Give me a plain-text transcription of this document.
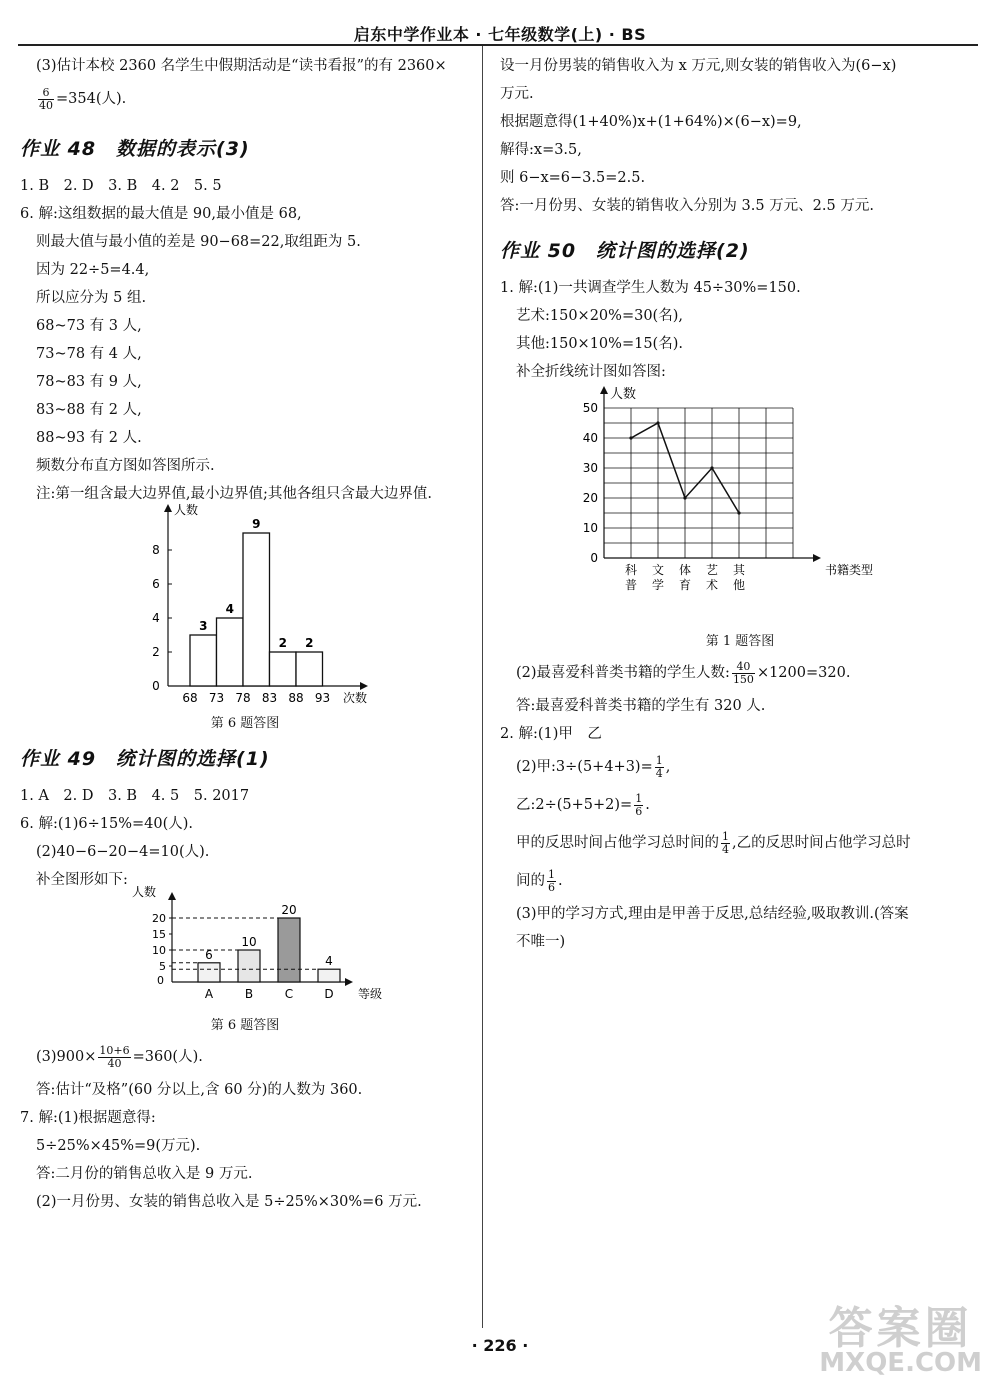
启东中学作业本 · 七年级数学(上) · BS
(3)估计本校 2360 名学生中假期活动是“读书看报”的有 2360×
$\frac{6}{40} =354$(人).
作业 48　数据的表示(3)
1. B　2. D　3. B　4. 2　5. 5
6. 解:这组数据的最大值是 90,最小值是 68,
则最大值与最小值的差是 90−68=22,取组距为 5.
因为 22÷5=4.4,
所以应分为 5 组.
68~73 有 3 人,
73~78 有 4 人,
78~83 有 9 人,
83~88 有 2 人,
88~93 有 2 人.
频数分布直方图如答图所示.
注:第一组含最大边界值,最小边界值;其他各组只含最大边界值.
人数
0
2
4
6
8
68 73 78 83 88 93 次数
3
4
9
2 2
第 6 题答图
作业 49　统计图的选择(1)
1. A　2. D　3. B　4. 5　5. 2017
6. 解:(1)6÷15%=40(人).
(2)40−6−20−4=10(人).
补全图形如下:
人数
0
5
10
15
20
6
A
10
B
20
C
4
D 等级
第 6 题答图
$(3)900\times \frac{10+6}{40} =360$(人).
答:估计“及格”(60 分以上,含 60 分)的人数为 360.
7. 解:(1)根据题意得:
5÷25%×45%=9(万元).
答:二月份的销售总收入是 9 万元.
(2)一月份男、女装的销售总收入是 5÷25%×30%=6 万元.
设一月份男装的销售收入为 x 万元,则女装的销售收入为(6−x)
万元.
根据题意得(1+40%)x+(1+64%)×(6−x)=9,
解得:x=3.5,
则 6−x=6−3.5=2.5.
答:一月份男、女装的销售收入分别为 3.5 万元、2.5 万元.
作业 50　统计图的选择(2)
1. 解:(1)一共调查学生人数为 45÷30%=150.
艺术:150×20%=30(名),
其他:150×10%=15(名).
补全折线统计图如答图:
人数
0
10
20
30
40
50
科
普
文
学
体
育
艺
术
其
他
书籍类型
第 1 题答图
(2)最喜爱科普类书籍的学生人数: $\frac{40}{150} \times 1200=320$.
答:最喜爱科普类书籍的学生有 320 人.
2. 解:(1)甲　乙
(2)甲:3÷(5+4+3)= $\frac{1}{4}$ ,
乙:2÷(5+5+2)= $\frac{1}{6}$ .
甲的反思时间占他学习总时间的 $\frac{1}{4}$ ,乙的反思时间占他学习总时
间的 $\frac{1}{6}$ .
(3)甲的学习方式,理由是甲善于反思,总结经验,吸取教训.(答案
不唯一)
· 226 ·	答案圈
MXQE.COM
